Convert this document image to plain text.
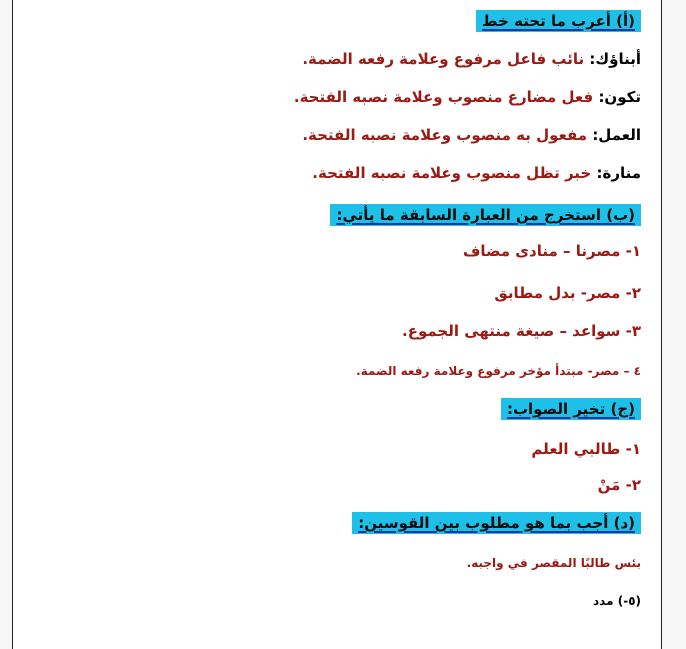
(أ) أعرب ما تحته خط
أبناؤك: نائب فاعل مرفوع وعلامة رفعه الضمة.
تكون: فعل مضارع منصوب وعلامة نصبه الفتحة.
العمل: مفعول به منصوب وعلامة نصبه الفتحة.
منارة: خبر تظل منصوب وعلامة نصبه الفتحة.
(ب) استخرج من العبارة السابقة ما يأتي:
١- مصرنا – منادى مضاف
٢- مصر- بدل مطابق
٣- سواعد – صيغة منتهى الجموع.
٤ – مصر- مبتدأ مؤخر مرفوع وعلامة رفعه الضمة.
(ج) تخير الصواب:
١- طالبي العلم
٢- مَنْ
(د) أجب بما هو مطلوب بين القوسين:
بئس طالبًا المقصر في واجبه.
(٥-) مدد
